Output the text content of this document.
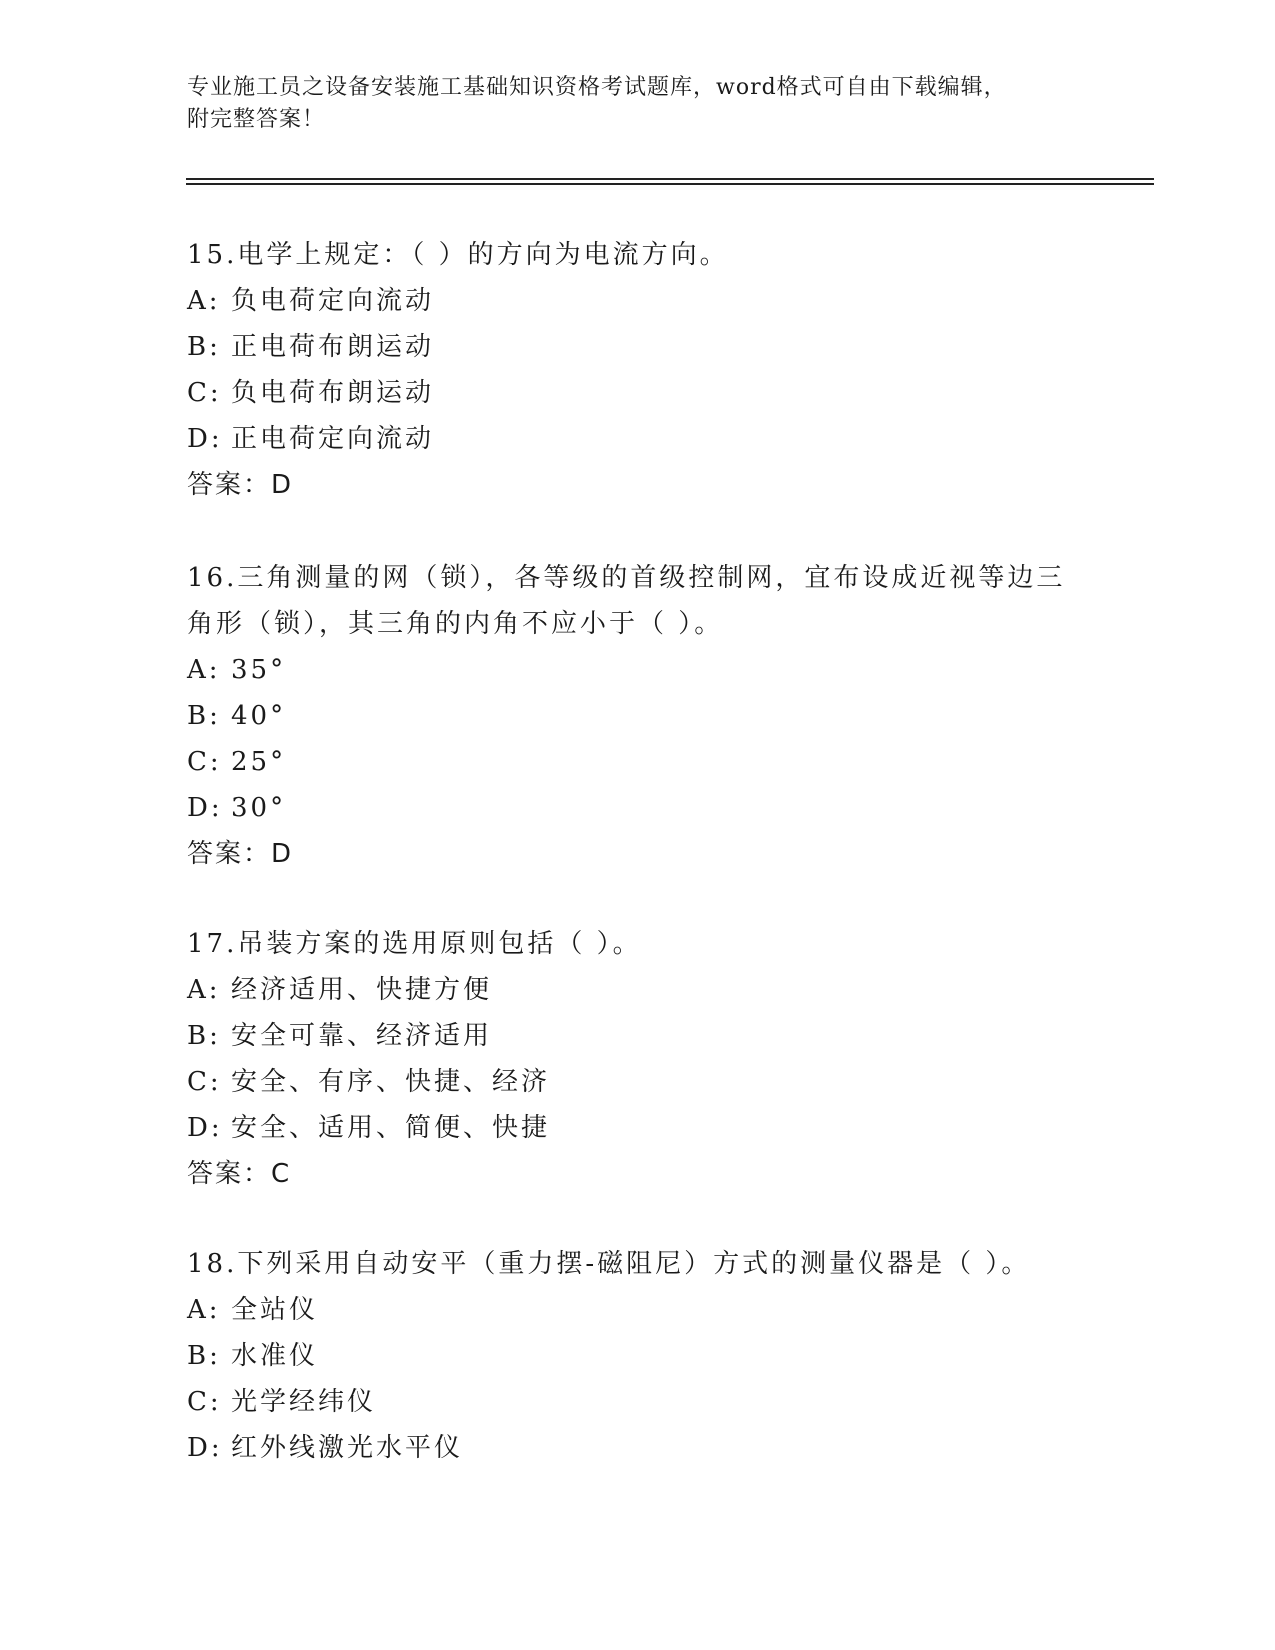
专业施工员之设备安装施工基础知识资格考试题库，word格式可自由下载编辑，
附完整答案！

15.电学上规定：（ ）的方向为电流方向。

A: 负电荷定向流动

B: 正电荷布朗运动

C: 负电荷布朗运动

D: 正电荷定向流动

答案：D

16.三角测量的网（锁），各等级的首级控制网，宜布设成近视等边三

角形（锁），其三角的内角不应小于（ ）。

A: 35°

B: 40°

C: 25°

D: 30°

答案：D

17.吊装方案的选用原则包括（ ）。

A: 经济适用、快捷方便

B: 安全可靠、经济适用

C: 安全、有序、快捷、经济

D: 安全、适用、简便、快捷

答案：C

18.下列采用自动安平（重力摆-磁阻尼）方式的测量仪器是（ ）。

A: 全站仪

B: 水准仪

C: 光学经纬仪

D: 红外线激光水平仪
